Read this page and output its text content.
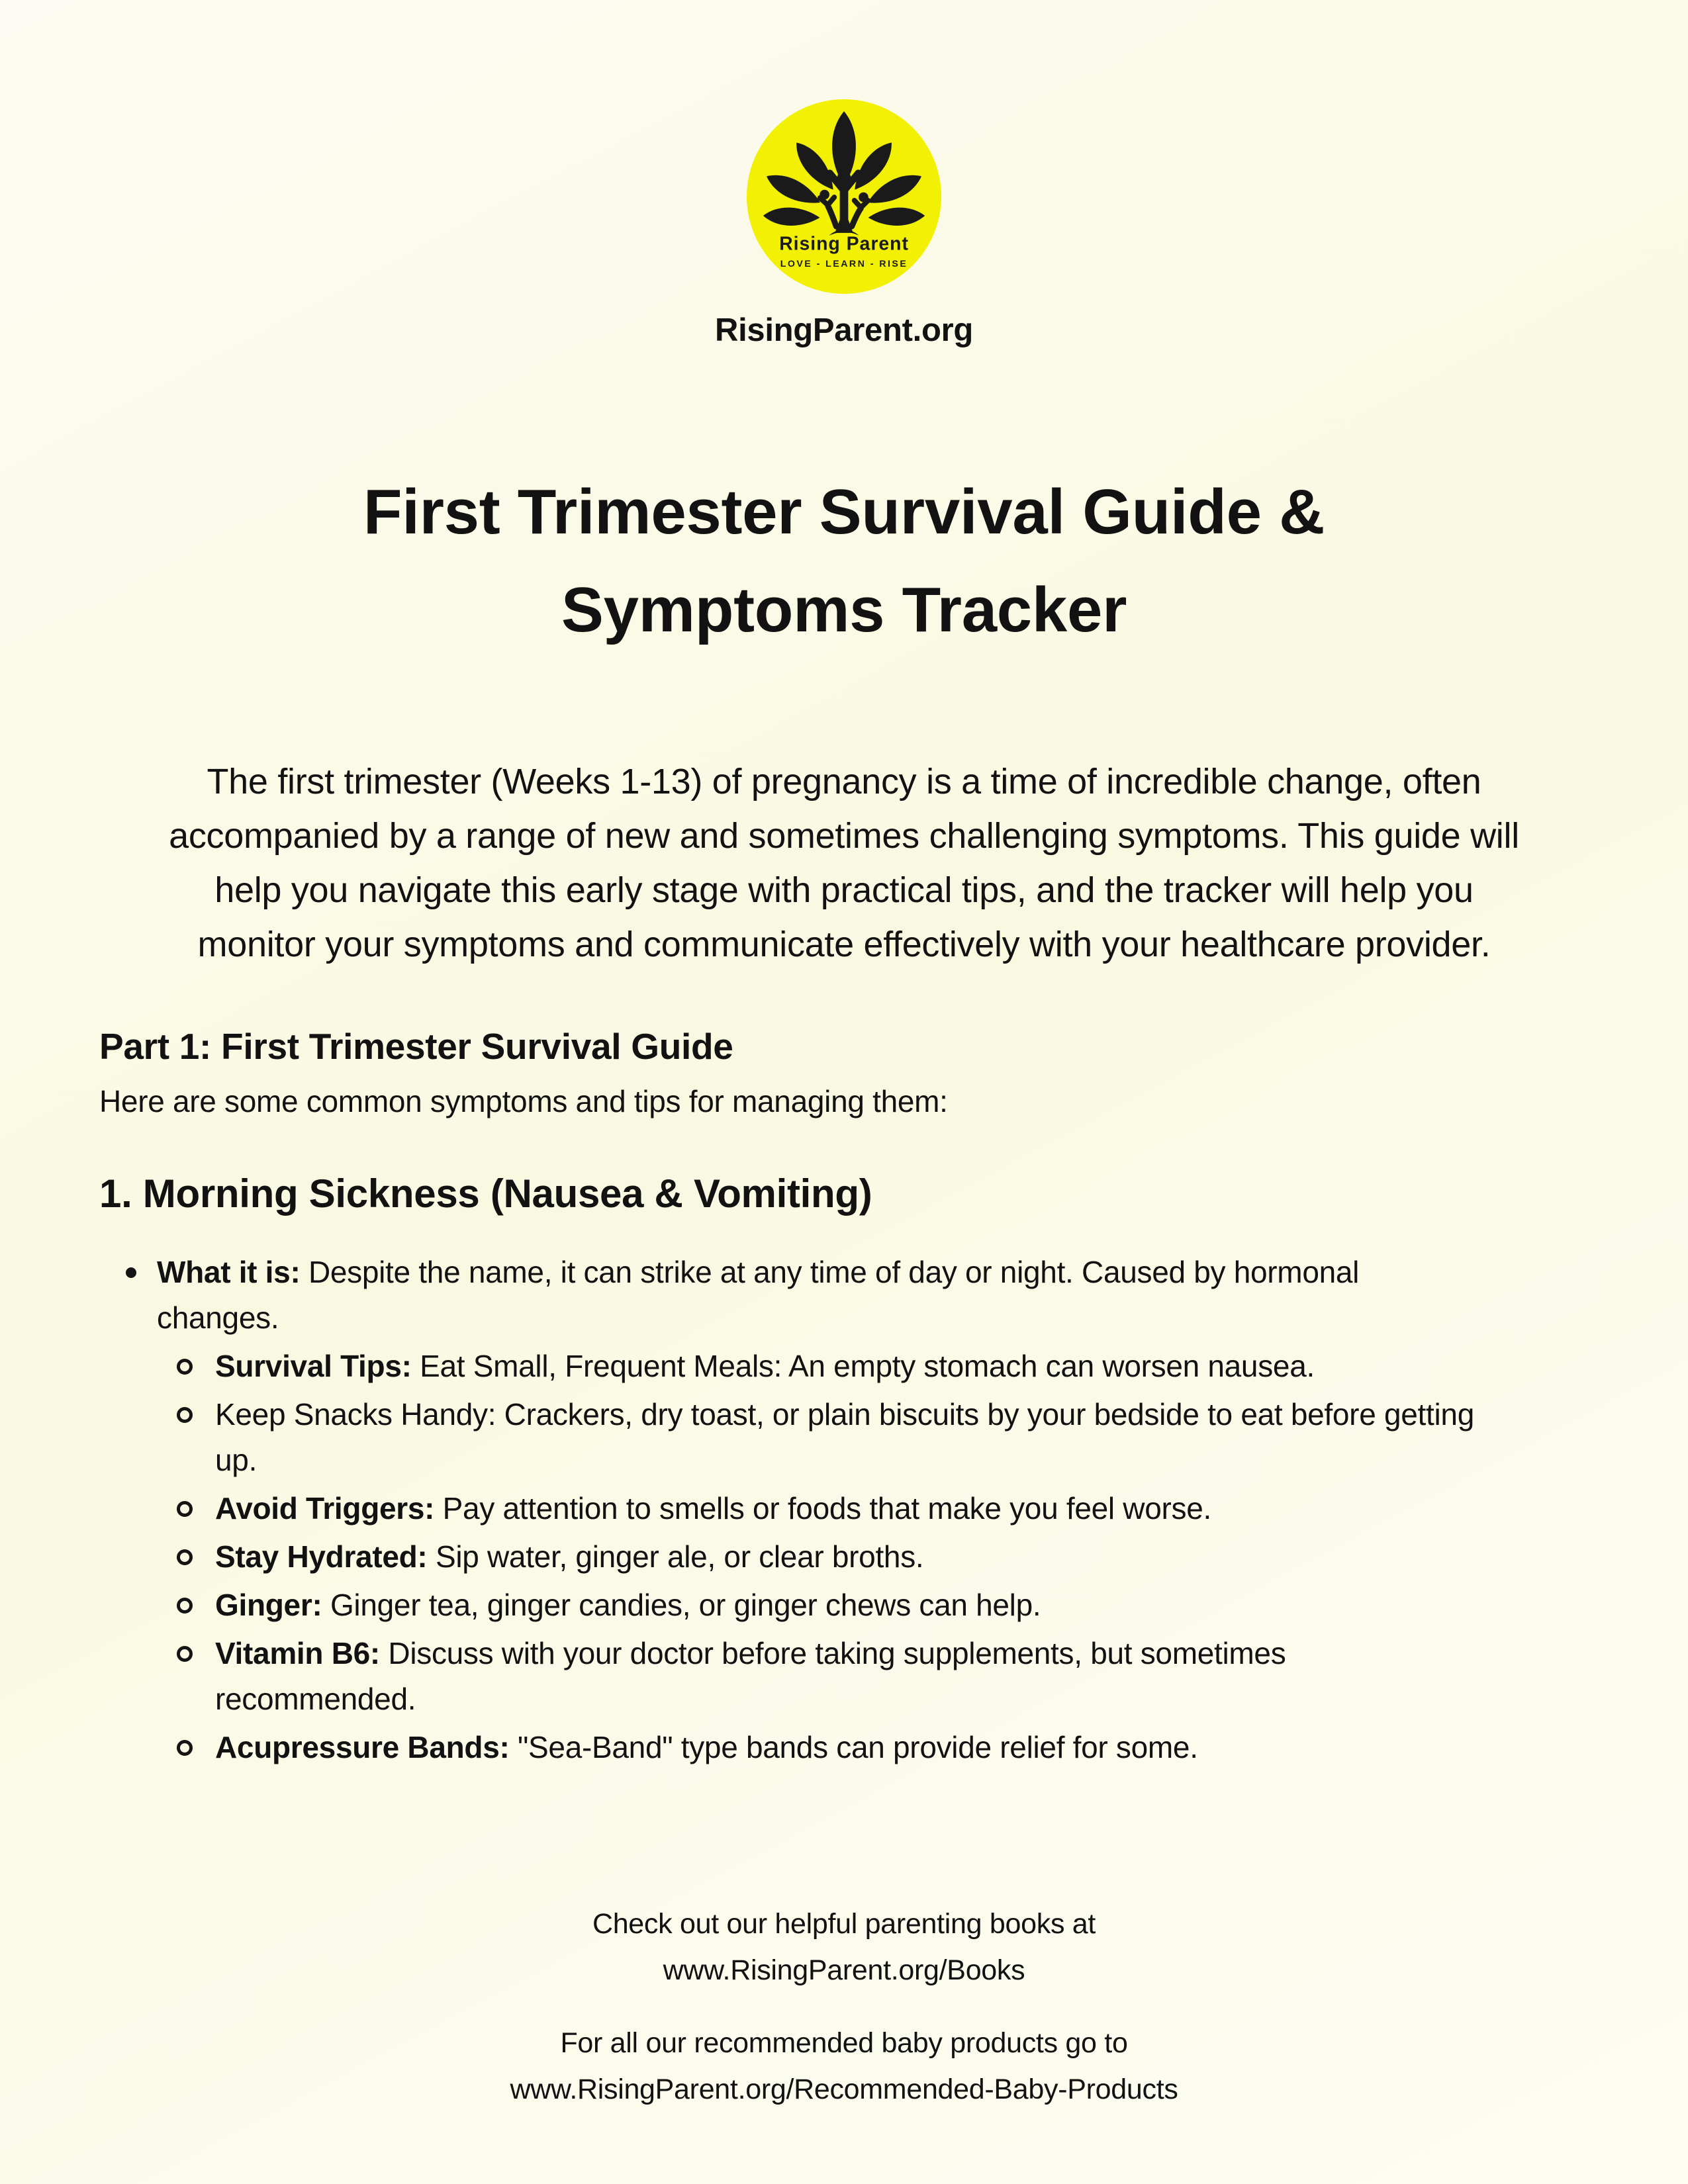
Rising Parent
LOVE - LEARN - RISE
RisingParent.org
First Trimester Survival Guide &
Symptoms Tracker
The first trimester (Weeks 1-13) of pregnancy is a time of incredible change, often
accompanied by a range of new and sometimes challenging symptoms. This guide will
help you navigate this early stage with practical tips, and the tracker will help you
monitor your symptoms and communicate effectively with your healthcare provider.
Part 1: First Trimester Survival Guide
Here are some common symptoms and tips for managing them:
1. Morning Sickness (Nausea & Vomiting)
What it is: Despite the name, it can strike at any time of day or night. Caused by hormonal
changes.
Survival Tips: Eat Small, Frequent Meals: An empty stomach can worsen nausea.
Keep Snacks Handy: Crackers, dry toast, or plain biscuits by your bedside to eat before getting
up.
Avoid Triggers: Pay attention to smells or foods that make you feel worse.
Stay Hydrated: Sip water, ginger ale, or clear broths.
Ginger: Ginger tea, ginger candies, or ginger chews can help.
Vitamin B6: Discuss with your doctor before taking supplements, but sometimes
recommended.
Acupressure Bands: "Sea-Band" type bands can provide relief for some.
Check out our helpful parenting books at
www.RisingParent.org/Books
For all our recommended baby products go to
www.RisingParent.org/Recommended-Baby-Products
